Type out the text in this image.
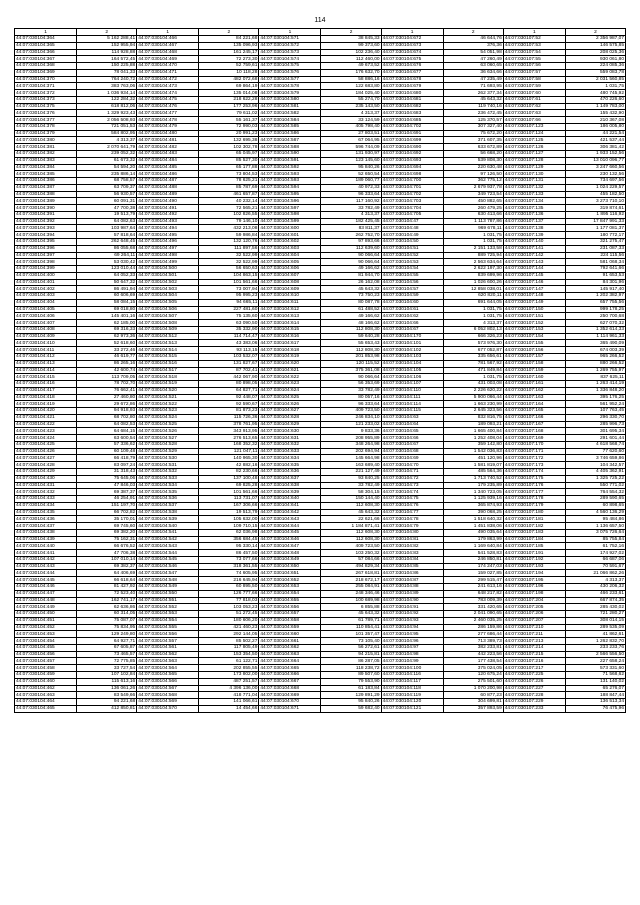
114
1	2	1	2	1	2	1	2	1	2
44:07:030104:364	5 162 288,41	44:07:030104:466	84 221,68	44:07:030104:571	38 845,33	44:07:030104:672	46 644,76	44:07:030107:52	2 356 987,07
44:07:030104:365	152 955,94	44:07:030104:467	135 096,93	44:07:030104:572	99 373,60	44:07:030104:673	376,36	44:07:030107:53	146 575,85
44:07:030104:366	114 928,88	44:07:030104:468	161 245,17	44:07:030104:573	102 236,40	44:07:030104:674	54 051,98	44:07:030107:54	208 025,36
44:07:030104:367	164 572,45	44:07:030104:469	72 273,30	44:07:030104:574	112 460,00	44:07:030104:675	47 260,49	44:07:030107:55	930 061,80
44:07:030104:368	150 225,88	44:07:030104:470	52 759,61	44:07:030104:575	49 673,52	44:07:030104:676	63 060,65	44:07:030107:56	224 085,36
44:07:030104:369	78 041,33	44:07:030104:471	10 118,28	44:07:030104:576	176 632,70	44:07:030104:677	36 634,66	44:07:030107:57	559 083,78
44:07:030104:370	764 240,72	44:07:030104:472	482 072,68	44:07:030104:577	58 886,16	44:07:030104:678	47 235,49	44:07:030107:58	2 031 560,85
44:07:030104:371	383 763,06	44:07:030104:473	69 864,19	44:07:030104:578	122 683,80	44:07:030104:679	71 693,95	44:07:030107:59	1 031,75
44:07:030104:372	1 036 934,14	44:07:030104:474	135 014,08	44:07:030104:579	184 025,40	44:07:030104:680	262 377,34	44:07:030107:60	480 745,92
44:07:030104:373	122 284,32	44:07:030104:475	218 622,28	44:07:030104:580	55 274,70	44:07:030104:681	45 643,32	44:07:030107:61	470 226,60
44:07:030104:375	618 812,06	44:07:030104:476	177 253,96	44:07:030104:581	235 143,50	44:07:030104:682	119 740,16	44:07:030107:62	1 149 783,00
44:07:030104:376	1 329 923,43	44:07:030104:477	79 611,02	44:07:030104:582	4 313,37	44:07:030104:683	236 472,45	44:07:030107:63	155 432,90
44:07:030104:377	2 056 508,93	44:07:030104:478	55 161,37	44:07:030104:584	33 124,59	44:07:030104:685	125 370,57	44:07:030107:66	210 367,08
44:07:030104:378	721 051,53	44:07:030104:479	72 990,03	44:07:030104:585	405 798,40	44:07:030104:702	307 327,40	44:07:030107:123	186 005,80
44:07:030104:379	584 802,95	44:07:030104:480	20 991,23	44:07:030104:586	27 803,51	44:07:030104:691	75 672,20	44:07:030107:124	44 221,54
44:07:030104:380	4 313,37	44:07:030104:481	132 695,38	44:07:030104:587	67 064,95	44:07:030104:699	371 607,35	44:07:030107:125	421 537,44
44:07:030104:381	2 070 641,79	44:07:030104:482	102 302,78	44:07:030104:588	596 744,09	44:07:030104:690	633 672,89	44:07:030107:126	306 381,42
44:07:030104:382	239 052,32	44:07:030104:483	65 045,97	44:07:030104:590	131 930,97	44:07:030104:692	56 668,20	44:07:030107:127	1 933 152,56
44:07:030104:383	61 673,32	44:07:030104:484	85 527,30	44:07:030104:591	123 145,60	44:07:030104:693	539 808,30	44:07:030107:128	13 010 096,77
44:07:030104:384	54 594,20	44:07:030104:485	65 177,88	44:07:030104:592	95 840,26	44:07:030104:694	220 630,48	44:07:030107:129	3 247 660,56
44:07:030104:385	235 886,14	44:07:030104:486	73 804,53	44:07:030104:593	52 650,54	44:07:030104:698	97 126,50	44:07:030107:130	230 132,56
44:07:030104:386	68 758,57	44:07:030104:487	78 625,21	44:07:030104:593	189 060,77	44:07:030104:700	362 775,12	44:07:030107:131	734 697,56
44:07:030104:387	63 709,37	44:07:030104:488	85 787,69	44:07:030104:594	40 972,33	44:07:030104:701	2 679 937,78	44:07:030107:132	1 024 229,57
44:07:030104:388	56 930,57	44:07:030104:489	461 657,87	44:07:030104:595	96 333,64	44:07:030104:702	349 723,54	44:07:030107:133	455 182,50
44:07:030104:389	60 091,31	44:07:030104:490	40 232,14	44:07:030104:596	117 160,92	44:07:030104:703	450 882,65	44:07:030107:134	3 273 710,10
44:07:030104:390	47 700,38	44:07:030104:491	72 565,21	44:07:030104:597	33 782,49	44:07:030104:704	260 479,25	44:07:030107:135	319 874,61
44:07:030104:391	19 513,79	44:07:030104:492	102 826,55	44:07:030104:598	4 313,37	44:07:030104:705	630 413,66	44:07:030107:136	1 895 116,92
44:07:030104:392	64 082,63	44:07:030104:493	79 146,10	44:07:030104:599	182 425,45	44:07:030104:47	1 113 787,86	44:07:030107:137	17 847 991,33
44:07:030104:393	103 987,64	44:07:030104:494	432 213,08	44:07:030104:600	83 811,37	44:07:030104:48	969 678,11	44:07:030107:138	1 177 081,37
44:07:030104:394	57 818,64	44:07:030104:495	59 986,84	44:07:030104:601	262 752,70	44:07:030104:49	1 031,75	44:07:030107:139	180 772,17
44:07:030104:395	262 648,45	44:07:030104:496	132 120,76	44:07:030104:602	97 893,66	44:07:030104:50	1 031,75	44:07:030107:140	321 275,47
44:07:030104:396	86 055,68	44:07:030104:497	111 897,56	44:07:030104:603	112 639,60	44:07:030104:51	2 151 133,58	44:07:030107:141	231 087,33
44:07:030104:397	69 264,11	44:07:030104:498	32 522,99	44:07:030104:604	90 066,64	44:07:030104:52	889 725,94	44:07:030107:142	224 115,56
44:07:030104:398	53 030,42	44:07:030104:499	32 522,99	44:07:030104:605	90 066,64	44:07:030104:53	2 563 634,64	44:07:030107:143	581 068,34
44:07:030104:399	123 010,44	44:07:030104:500	56 650,63	44:07:030104:606	49 166,62	44:07:030104:54	2 622 197,30	44:07:030107:144	792 641,66
44:07:030104:400	64 052,33	44:07:030104:501	104 863,15	44:07:030104:607	81 944,70	44:07:030104:55	839 699,96	44:07:030107:145	91 653,53
44:07:030104:401	50 647,32	44:07:030104:502	101 561,66	44:07:030104:608	26 162,08	44:07:030104:56	1 026 600,26	44:07:030107:146	84 301,96
44:07:030104:402	86 491,94	44:07:030104:503	73 007,94	44:07:030104:609	45 643,32	44:07:030104:57	12 858 038,01	44:07:030107:147	145 917,40
44:07:030104:403	60 606,69	44:07:030104:504	95 995,23	44:07:030104:610	73 750,23	44:07:030104:59	620 820,11	44:07:030107:148	1 202 382,97
44:07:030104:404	58 084,15	44:07:030104:505	94 665,11	44:07:030104:611	80 087,78	44:07:030104:60	691 644,05	44:07:030107:149	657 755,56
44:07:030104:405	69 018,80	44:07:030104:506	227 481,60	44:07:030104:612	61 488,52	44:07:030104:61	1 031,75	44:07:030107:150	999 178,25
44:07:030104:406	145 401,16	44:07:030104:507	75 135,60	44:07:030104:613	49 166,62	44:07:030104:62	1 031,75	44:07:030107:151	250 700,68
44:07:030104:407	62 185,00	44:07:030104:508	63 090,50	44:07:030104:614	48 166,62	44:07:030104:66	4 313,37	44:07:030107:152	627 070,32
44:07:030104:408	69 316,33	44:07:030104:509	35 332,90	44:07:030104:615	112 808,30	44:07:030104:67	6 052 802,13	44:07:030107:153	1 352 614,33
44:07:030104:409	62 973,36	44:07:030104:512	114 714,47	44:07:030104:616	59 640,28	44:07:030104:170	666 326,23	44:07:030107:154	1 114 961,33
44:07:030104:410	52 618,60	44:07:030104:513	43 383,06	44:07:030104:617	55 653,43	44:07:030104:101	573 976,30	44:07:030107:155	365 490,09
44:07:030104:411	33 272,46	44:07:030104:514	93 113,15	44:07:030104:618	112 808,30	44:07:030104:102	677 052,87	44:07:030107:156	674 003,39
44:07:030104:412	46 619,77	44:07:030104:515	103 532,07	44:07:030104:619	201 853,98	44:07:030104:103	335 656,61	44:07:030107:157	965 266,52
44:07:030104:413	86 265,16	44:07:030104:516	131 827,67	44:07:030104:620	120 115,52	44:07:030104:104	781 567,92	44:07:030107:158	880 266,52
44:07:030104:414	42 600,74	44:07:030104:517	87 702,41	44:07:030104:621	375 361,08	44:07:030104:105	471 849,84	44:07:030107:159	1 269 755,97
44:07:030104:415	113 709,05	44:07:030104:518	442 067,90	44:07:030104:622	90 066,64	44:07:030104:106	1 031,75	44:07:030107:160	837 625,11
44:07:030104:416	78 702,70	44:07:030104:519	80 898,05	44:07:030104:623	56 353,69	44:07:030104:107	431 003,08	44:07:030107:161	1 263 414,19
44:07:030104:417	76 662,41	44:07:030104:520	64 827,71	44:07:030104:624	33 782,49	44:07:030104:110	2 226 620,22	44:07:030107:162	1 336 848,20
44:07:030104:418	27 460,80	44:07:030104:521	92 448,07	44:07:030104:625	80 057,16	44:07:030104:111	5 900 066,44	44:07:030107:163	395 176,25
44:07:030104:419	29 672,86	44:07:030104:522	92 590,67	44:07:030104:626	96 333,64	44:07:030104:114	1 663 230,99	44:07:030107:164	561 952,24
44:07:030104:420	94 918,93	44:07:030104:523	81 873,23	44:07:030104:627	409 723,50	44:07:030104:115	2 645 323,56	44:07:030107:165	107 763,45
44:07:030104:421	68 702,80	44:07:030104:524	115 726,36	44:07:030104:628	246 834,10	44:07:030104:63	832 816,75	44:07:030107:166	296 330,70
44:07:030104:422	64 082,53	44:07:030104:525	378 761,95	44:07:030104:629	121 233,02	44:07:030104:64	189 093,21	44:07:030107:167	285 996,73
44:07:030104:423	64 684,15	44:07:030104:526	343 913,95	44:07:030104:630	9 833,36	44:07:030104:65	1 665 400,84	44:07:030107:168	301 695,34
44:07:030104:424	63 600,54	44:07:030104:527	276 513,65	44:07:030104:631	208 955,89	44:07:030104:66	1 252 408,04	44:07:030107:169	291 601,44
44:07:030104:425	57 336,62	44:07:030104:528	168 352,32	44:07:030104:632	348 264,98	44:07:030104:67	359 142,80	44:07:030107:170	4 618 568,74
44:07:030104:426	60 109,48	44:07:030104:529	121 047,11	44:07:030104:633	202 694,94	44:07:030104:68	1 542 036,83	44:07:030107:171	77 620,60
44:07:030104:427	66 418,79	44:07:030104:530	140 965,30	44:07:030104:634	145 664,98	44:07:030104:69	451 120,96	44:07:030107:172	3 746 659,86
44:07:030104:428	83 097,24	44:07:030104:531	42 882,16	44:07:030104:635	163 689,40	44:07:030104:70	1 581 819,07	44:07:030107:173	104 342,57
44:07:030104:429	31 318,43	44:07:030104:532	82 230,66	44:07:030104:636	221 127,49	44:07:030104:71	485 564,36	44:07:030107:174	4 405 362,91
44:07:030104:430	75 645,06	44:07:030104:533	137 100,48	44:07:030104:637	93 840,25	44:07:030104:72	1 713 740,52	44:07:030107:175	1 325 725,22
44:07:030104:431	47 846,03	44:07:030104:534	69 825,28	44:07:030104:638	33 782,49	44:07:030104:73	179 235,89	44:07:030107:176	550 771,02
44:07:030104:432	69 387,37	44:07:030104:535	101 561,66	44:07:030104:639	58 304,15	44:07:030104:74	1 340 723,05	44:07:030107:177	764 554,32
44:07:030104:433	46 254,91	44:07:030104:536	113 731,07	44:07:030104:640	150 144,40	44:07:030104:75	1 125 939,16	44:07:030107:178	289 590,65
44:07:030104:434	151 197,70	44:07:030104:537	167 306,66	44:07:030104:641	112 608,30	44:07:030104:76	365 874,93	44:07:030107:179	60 898,65
44:07:030104:435	66 702,82	44:07:030104:538	19 513,79	44:07:030104:642	45 643,32	44:07:030104:77	390 068,25	44:07:030107:180	4 560 136,29
44:07:030104:436	35 170,01	44:07:030104:539	105 632,00	44:07:030104:643	22 621,66	44:07:030104:78	1 518 640,32	44:07:030107:181	95 484,86
44:07:030104:437	69 745,60	44:07:030104:540	109 710,15	44:07:030104:644	1 184 871,41	44:07:030104:79	1 451 838,06	44:07:030107:182	1 136 657,50
44:07:030104:438	69 382,20	44:07:030104:541	62 036,98	44:07:030104:645	112 608,30	44:07:030104:80	490 035,64	44:07:030107:183	3 075 726,64
44:07:030104:439	75 162,31	44:07:030104:542	356 684,45	44:07:030104:646	112 608,30	44:07:030104:81	179 863,99	44:07:030107:184	85 755,84
44:07:030104:440	66 676,52	44:07:030104:543	95 330,14	44:07:030104:647	409 723,50	44:07:030104:82	1 169 640,84	44:07:030107:185	61 752,16
44:07:030104:441	47 706,38	44:07:030104:544	86 457,50	44:07:030104:648	103 250,32	44:07:030104:83	541 528,83	44:07:030107:191	174 927,02
44:07:030104:442	107 010,14	44:07:030104:545	73 077,66	44:07:030104:649	57 084,66	44:07:030104:84	246 850,81	44:07:030107:192	66 687,06
44:07:030104:443	69 382,37	44:07:030104:546	318 361,55	44:07:030104:650	494 829,34	44:07:030104:85	174 247,03	44:07:030107:193	70 591,67
44:07:030104:444	64 406,69	44:07:030104:547	74 605,95	44:07:030104:651	267 618,81	44:07:030104:86	159 027,85	44:07:030107:194	21 066 862,26
44:07:030104:445	66 618,64	44:07:030104:548	216 645,94	44:07:030104:652	218 672,17	44:07:030104:87	299 515,47	44:07:030107:195	4 313,37
44:07:030104:446	81 427,92	44:07:030104:549	60 895,50	44:07:030104:653	255 084,91	44:07:030104:88	241 613,16	44:07:030107:196	430 206,32
44:07:030104:447	72 523,40	44:07:030104:550	126 777,66	44:07:030104:654	248 346,46	44:07:030104:89	648 217,82	44:07:030107:198	466 233,61
44:07:030104:448	162 741,17	44:07:030104:551	77 818,03	44:07:030104:655	100 689,98	44:07:030104:90	783 009,39	44:07:030107:204	667 874,35
44:07:030104:449	62 636,86	44:07:030104:552	103 053,23	44:07:030104:656	6 855,88	44:07:030104:91	331 420,65	44:07:030107:205	285 430,02
44:07:030104:450	60 314,05	44:07:030104:553	51 272,45	44:07:030104:657	45 643,32	44:07:030104:92	2 041 090,65	44:07:030107:206	721 280,27
44:07:030104:451	75 087,07	44:07:030104:554	180 606,20	44:07:030104:658	61 789,71	44:07:030104:93	2 460 035,25	44:07:030107:207	308 014,15
44:07:030104:452	75 834,95	44:07:030104:555	421 460,23	44:07:030104:659	110 854,41	44:07:030104:94	286 159,86	44:07:030107:210	289 535,09
44:07:030104:453	129 249,80	44:07:030104:556	292 144,05	44:07:030104:660	101 357,47	44:07:030104:95	277 686,44	44:07:030107:211	41 862,61
44:07:030104:454	64 927,71	44:07:030104:557	85 502,27	44:07:030104:661	73 105,40	44:07:030104:96	713 389,73	44:07:030107:213	1 262 832,70
44:07:030104:455	67 605,87	44:07:030104:561	117 805,49	44:07:030104:662	56 272,61	44:07:030104:97	382 233,81	44:07:030107:214	233 233,76
44:07:030104:456	73 465,57	44:07:030104:562	153 354,50	44:07:030104:663	94 215,81	44:07:030104:98	442 223,56	44:07:030107:215	2 566 556,50
44:07:030104:457	72 775,85	44:07:030104:563	61 122,71	44:07:030104:664	86 287,05	44:07:030104:99	177 438,54	44:07:030107:216	227 658,24
44:07:030104:458	33 727,54	44:07:030104:564	202 855,55	44:07:030104:665	118 238,72	44:07:030104:100	375 024,05	44:07:030107:217	573 331,60
44:07:030104:459	107 102,84	44:07:030104:565	173 802,00	44:07:030104:666	89 507,60	44:07:030104:116	120 675,24	44:07:030107:225	71 568,62
44:07:030104:460	115 613,16	44:07:030104:566	487 251,57	44:07:030104:667	79 553,90	44:07:030104:117	275 501,60	44:07:030107:226	131 140,02
44:07:030104:462	136 061,26	44:07:030104:567	4 396 136,00	44:07:030104:668	61 183,84	44:07:030104:118	1 070 200,98	44:07:030107:227	65 276,07
44:07:030104:463	83 549,66	44:07:030104:568	418 771,04	44:07:030104:669	129 891,29	44:07:030104:119	60 877,23	44:07:030107:228	188 847,44
44:07:030104:464	94 221,68	44:07:030104:569	141 066,61	44:07:030104:670	95 840,26	44:07:030104:120	304 699,81	44:07:030107:229	136 513,34
44:07:030104:465	412 850,81	44:07:030104:570	14 454,66	44:07:030104:671	59 682,40	44:07:030104:121	357 893,59	44:07:030107:233	76 475,96
